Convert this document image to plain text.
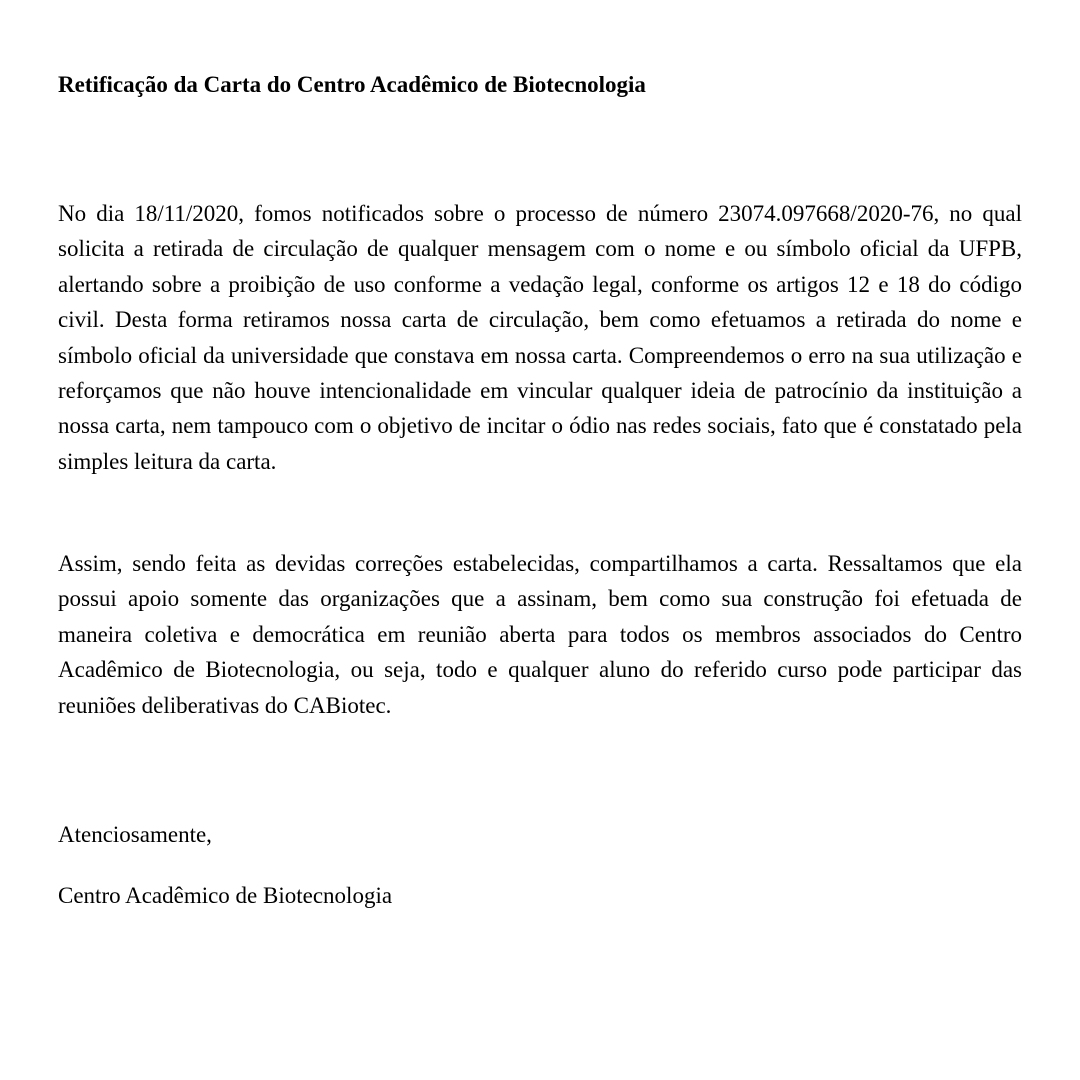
Retificação da Carta do Centro Acadêmico de Biotecnologia

No dia 18/11/2020, fomos notificados sobre o processo de número 23074.097668/2020-76, no qual solicita a retirada de circulação de qualquer mensagem com o nome e ou símbolo oficial da UFPB, alertando sobre a proibição de uso conforme a vedação legal, conforme os artigos 12 e 18 do código civil. Desta forma retiramos nossa carta de circulação, bem como efetuamos a retirada do nome e símbolo oficial da universidade que constava em nossa carta. Compreendemos o erro na sua utilização e reforçamos que não houve intencionalidade em vincular qualquer ideia de patrocínio da instituição a nossa carta, nem tampouco com o objetivo de incitar o ódio nas redes sociais, fato que é constatado pela simples leitura da carta.

Assim, sendo feita as devidas correções estabelecidas, compartilhamos a carta. Ressaltamos que ela possui apoio somente das organizações que a assinam, bem como sua construção foi efetuada de maneira coletiva e democrática em reunião aberta para todos os membros associados do Centro Acadêmico de Biotecnologia, ou seja, todo e qualquer aluno do referido curso pode participar das reuniões deliberativas do CABiotec.

Atenciosamente,

Centro Acadêmico de Biotecnologia
